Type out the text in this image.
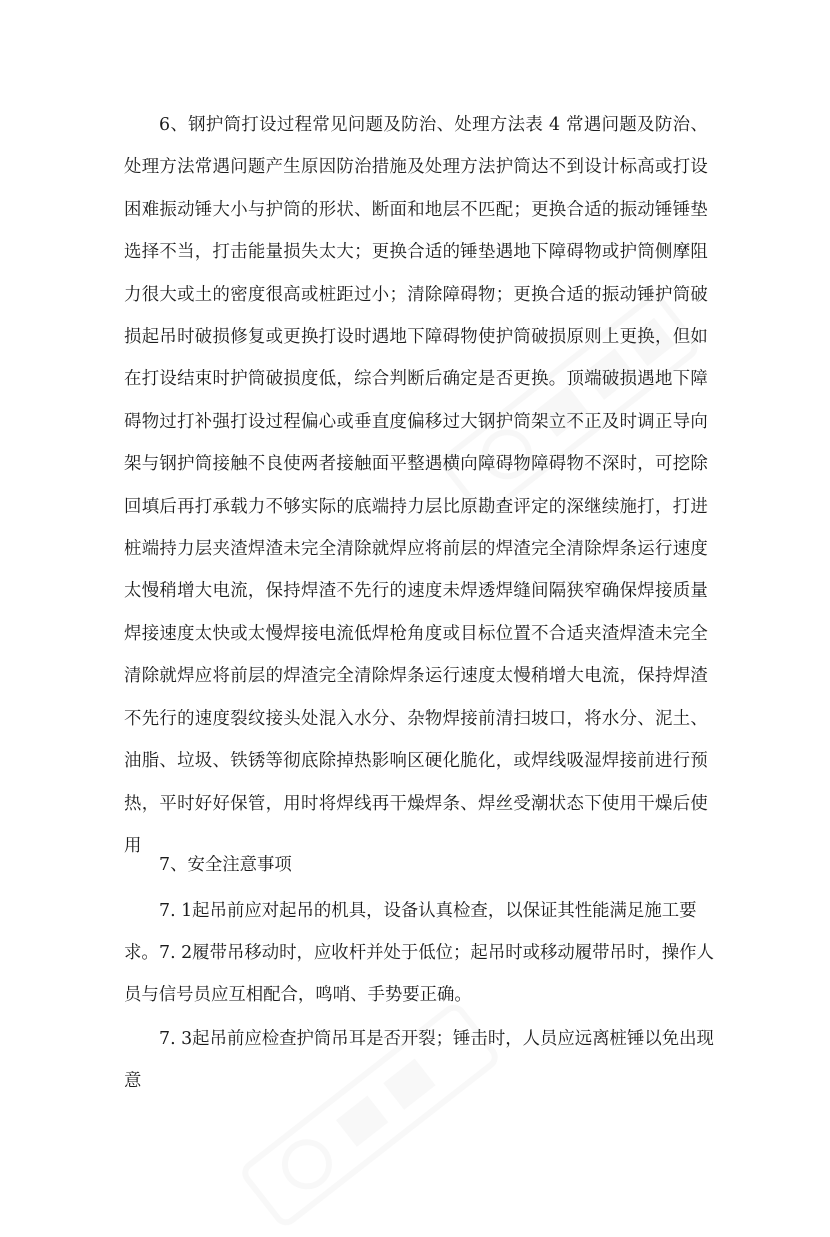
6、钢护筒打设过程常见问题及防治、处理方法表 4 常遇问题及防治、处理方法常遇问题产生原因防治措施及处理方法护筒达不到设计标高或打设困难振动锤大小与护筒的形状、断面和地层不匹配；更换合适的振动锤锤垫选择不当，打击能量损失太大；更换合适的锤垫遇地下障碍物或护筒侧摩阻力很大或土的密度很高或桩距过小；清除障碍物；更换合适的振动锤护筒破损起吊时破损修复或更换打设时遇地下障碍物使护筒破损原则上更换，但如在打设结束时护筒破损度低，综合判断后确定是否更换。顶端破损遇地下障碍物过打补强打设过程偏心或垂直度偏移过大钢护筒架立不正及时调正导向架与钢护筒接触不良使两者接触面平整遇横向障碍物障碍物不深时，可挖除回填后再打承载力不够实际的底端持力层比原勘查评定的深继续施打，打进桩端持力层夹渣焊渣未完全清除就焊应将前层的焊渣完全清除焊条运行速度太慢稍增大电流，保持焊渣不先行的速度未焊透焊缝间隔狭窄确保焊接质量焊接速度太快或太慢焊接电流低焊枪角度或目标位置不合适夹渣焊渣未完全清除就焊应将前层的焊渣完全清除焊条运行速度太慢稍增大电流，保持焊渣不先行的速度裂纹接头处混入水分、杂物焊接前清扫坡口，将水分、泥土、油脂、垃圾、铁锈等彻底除掉热影响区硬化脆化，或焊线吸湿焊接前进行预热，平时好好保管，用时将焊线再干燥焊条、焊丝受潮状态下使用干燥后使用

7、安全注意事项

7. 1起吊前应对起吊的机具，设备认真检查，以保证其性能满足施工要求。 7. 2履带吊移动时，应收杆并处于低位；起吊时或移动履带吊时，操作人员与信号员应互相配合，鸣哨、手势要正确。

7. 3起吊前应检查护筒吊耳是否开裂；锤击时，人员应远离桩锤以免出现意
